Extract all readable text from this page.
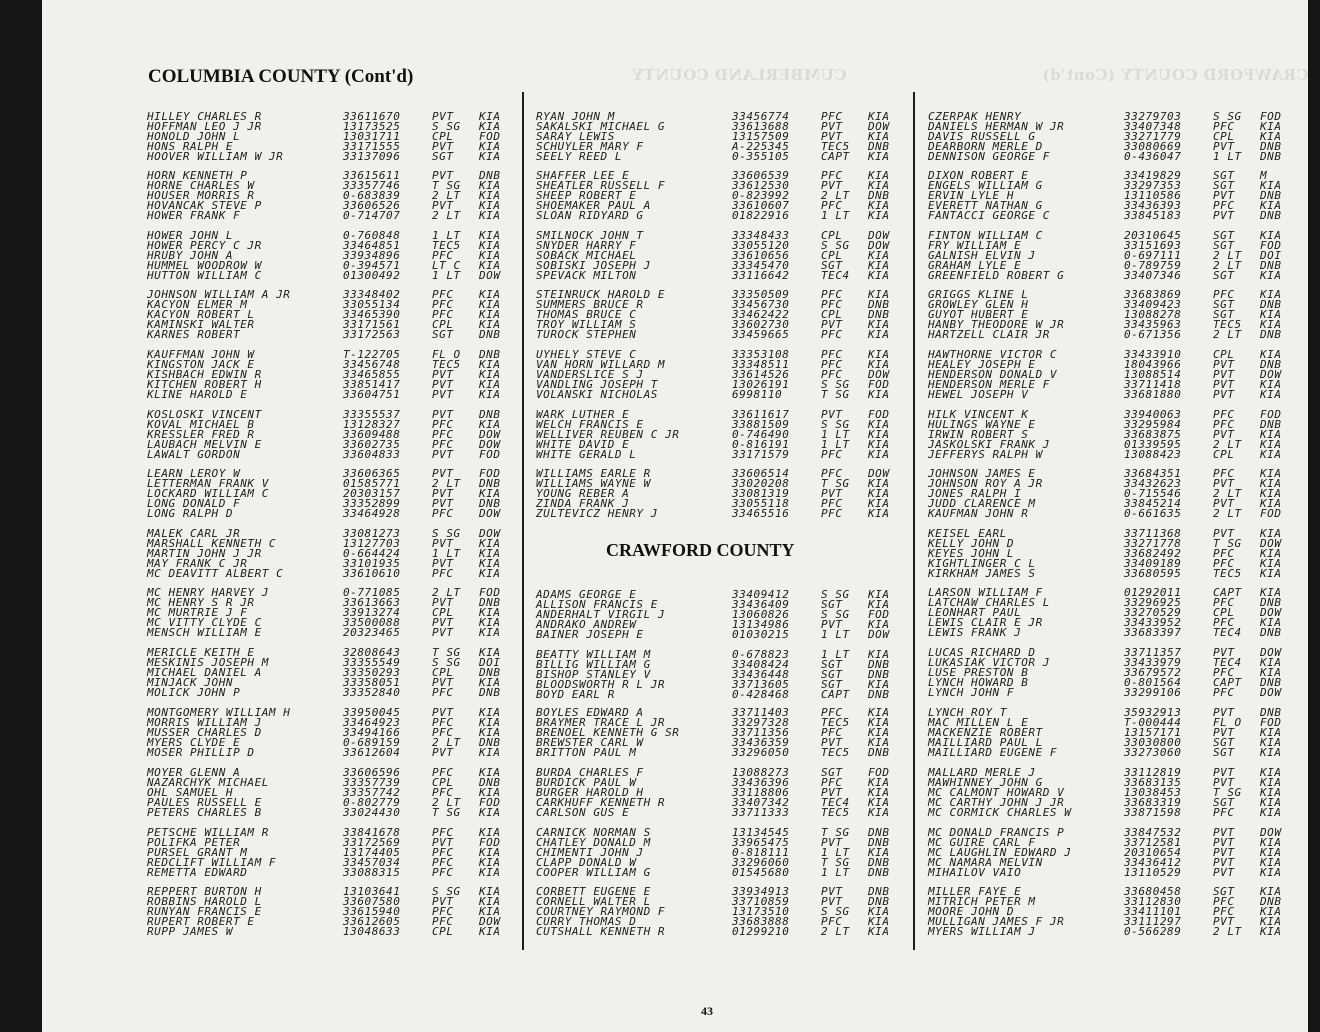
CRAWFORD COUNTY (Cont'd)
CUMBERLAND COUNTY
COLUMBIA COUNTY (Cont'd)
CRAWFORD COUNTY
HILLEY CHARLES R	33611670	PVT KIA
HOFFMAN LEO J JR	13173525	S SG KIA
HONOLD JOHN L	13031711	CPL FOD
HONS RALPH E	33171555	PVT KIA
HOOVER WILLIAM W JR	33137096	SGT KIA
HORN KENNETH P	33615611	PVT DNB
HORNE CHARLES W	33357746	T SG KIA
HOUSER MORRIS R	0-683839	2 LT KIA
HOVANCAK STEVE P	33606526	PVT KIA
HOWER FRANK F	0-714707	2 LT KIA
HOWER JOHN L	0-760848	1 LT KIA
HOWER PERCY C JR	33464851	TEC5 KIA
HRUBY JOHN A	33934896	PFC KIA
HUMMEL WOODROW W	0-394571	LT C KIA
HUTTON WILLIAM C	01300492	1 LT DOW
JOHNSON WILLIAM A JR	33348402	PFC KIA
KACYON ELMER M	33055134	PFC KIA
KACYON ROBERT L	33465390	PFC KIA
KAMINSKI WALTER	33171561	CPL KIA
KARNES ROBERT	33172563	SGT DNB
KAUFFMAN JOHN W	T-122705	FL O DNB
KINGSTON JACK E	33456748	TEC5 KIA
KISHBACH EDWIN R	33465855	PVT KIA
KITCHEN ROBERT H	33851417	PVT KIA
KLINE HAROLD E	33604751	PVT KIA
KOSLOSKI VINCENT	33355537	PVT DNB
KOVAL MICHAEL B	13128327	PFC KIA
KRESSLER FRED R	33609488	PFC DOW
LAUBACH MELVIN E	33602735	PFC DOW
LAWALT GORDON	33604833	PVT FOD
LEARN LEROY W	33606365	PVT FOD
LETTERMAN FRANK V	01585771	2 LT DNB
LOCKARD WILLIAM C	20303157	PVT KIA
LONG DONALD F	33352899	PVT DNB
LONG RALPH D	33464928	PFC DOW
MALEK CARL JR	33081273	S SG DOW
MARSHALL KENNETH C	13127703	PVT KIA
MARTIN JOHN J JR	0-664424	1 LT KIA
MAY FRANK C JR	33101935	PVT KIA
MC DEAVITT ALBERT C	33610610	PFC KIA
MC HENRY HARVEY J	0-771085	2 LT FOD
MC HENRY S R JR	33613663	PVT DNB
MC MURTRIE J F	33913274	CPL KIA
MC VITTY CLYDE C	33500088	PVT KIA
MENSCH WILLIAM E	20323465	PVT KIA
MERICLE KEITH E	32808643	T SG KIA
MESKINIS JOSEPH M	33355549	S SG DOI
MICHAEL DANIEL A	33350293	CPL DNB
MINJACK JOHN	33358051	PVT KIA
MOLICK JOHN P	33352840	PFC DNB
MONTGOMERY WILLIAM H	33950045	PVT KIA
MORRIS WILLIAM J	33464923	PFC KIA
MUSSER CHARLES D	33494166	PFC KIA
MYERS CLYDE E	0-689159	2 LT DNB
MOSER PHILLIP D	33612604	PVT KIA
MOYER GLENN A	33606596	PFC KIA
NAZARCHYK MICHAEL	33357739	CPL DNB
OHL SAMUEL H	33357742	PFC KIA
PAULES RUSSELL E	0-802779	2 LT FOD
PETERS CHARLES B	33024430	T SG KIA
PETSCHE WILLIAM R	33841678	PFC KIA
POLIFKA PETER	33172569	PVT FOD
PURSEL GRANT M	13174405	PFC KIA
REDCLIFT WILLIAM F	33457034	PFC KIA
REMETTA EDWARD	33088315	PFC KIA
REPPERT BURTON H	13103641	S SG KIA
ROBBINS HAROLD L	33607580	PVT KIA
RUNYAN FRANCIS E	33615940	PFC KIA
RUPERT ROBERT E	33612605	PFC DOW
RUPP JAMES W	13048633	CPL KIA
RYAN JOHN M	33456774	PFC KIA
SAKALSKI MICHAEL G	33613688	PVT DOW
SARAY LEWIS	13157509	PVT KIA
SCHUYLER MARY F	A-225345	TEC5 DNB
SEELY REED L	0-355105	CAPT KIA
SHAFFER LEE E	33606539	PFC KIA
SHEATLER RUSSELL F	33612530	PVT KIA
SHEEP ROBERT E	0-823992	2 LT DNB
SHOEMAKER PAUL A	33610607	PFC KIA
SLOAN RIDYARD G	01822916	1 LT KIA
SMILNOCK JOHN T	33348433	CPL DOW
SNYDER HARRY F	33055120	S SG DOW
SOBACK MICHAEL	33610656	CPL KIA
SOBISKI JOSEPH J	33345470	SGT KIA
SPEVACK MILTON	33116642	TEC4 KIA
STEINRUCK HAROLD E	33350509	PFC KIA
SUMMERS BRUCE R	33456730	PFC DNB
THOMAS BRUCE C	33462422	CPL DNB
TROY WILLIAM S	33602730	PVT KIA
TUROCK STEPHEN	33459665	PFC KIA
UYHELY STEVE C	33353108	PFC KIA
VAN HORN WILLARD M	33348511	PFC KIA
VANDERSLICE S J	33614526	PFC DOW
VANDLING JOSEPH T	13026191	S SG FOD
VOLANSKI NICHOLAS	6998110	T SG KIA
WARK LUTHER E	33611617	PVT FOD
WELCH FRANCIS E	33881509	S SG KIA
WELLIVER REUBEN C JR	0-746490	1 LT KIA
WHITE DAVID E	0-816191	1 LT KIA
WHITE GERALD L	33171579	PFC KIA
WILLIAMS EARLE R	33606514	PFC DOW
WILLIAMS WAYNE W	33020208	T SG KIA
YOUNG REBER A	33081319	PVT KIA
ZINDA FRANK J	33055118	PFC KIA
ZULTEVICZ HENRY J	33465516	PFC KIA
ADAMS GEORGE E	33409412	S SG KIA
ALLISON FRANCIS E	33436409	SGT KIA
ANDERHALT VIRGIL J	13060826	S SG FOD
ANDRAKO ANDREW	13134986	PVT KIA
BAINER JOSEPH E	01030215	1 LT DOW
BEATTY WILLIAM M	0-678823	1 LT KIA
BILLIG WILLIAM G	33408424	SGT DNB
BISHOP STANLEY V	33436448	SGT DNB
BLOODSWORTH R L JR	33713605	SGT KIA
BOYD EARL R	0-428468	CAPT DNB
BOYLES EDWARD A	33711403	PFC KIA
BRAYMER TRACE L JR	33297328	TEC5 KIA
BRENOEL KENNETH G SR	33711356	PFC KIA
BREWSTER CARL W	33436359	PVT KIA
BRITTON PAUL M	33296050	TEC5 DNB
BURDA CHARLES F	13088273	SGT FOD
BURDICK PAUL W	33436396	PFC KIA
BURGER HAROLD H	33118806	PVT KIA
CARKHUFF KENNETH R	33407342	TEC4 KIA
CARLSON GUS E	33711333	TEC5 KIA
CARNICK NORMAN S	13134545	T SG DNB
CHATLEY DONALD M	33965475	PVT DNB
CHIMENTI JOHN J	0-818111	1 LT KIA
CLAPP DONALD W	33296060	T SG DNB
COOPER WILLIAM G	01545680	1 LT DNB
CORBETT EUGENE E	33934913	PVT DNB
CORNELL WALTER L	33710859	PVT DNB
COURTNEY RAYMOND F	13173510	S SG KIA
CURRY THOMAS D	33683888	PFC KIA
CUTSHALL KENNETH R	01299210	2 LT KIA
CZERPAK HENRY	33279703	S SG FOD
DANIELS HERMAN W JR	33407348	PFC KIA
DAVIS RUSSELL G	33271779	CPL KIA
DEARBORN MERLE D	33080669	PVT DNB
DENNISON GEORGE F	0-436047	1 LT DNB
DIXON ROBERT E	33419829	SGT M
ENGELS WILLIAM G	33297353	SGT KIA
ERVIN LYLE H	13110586	PVT DNB
EVERETT NATHAN G	33436393	PFC KIA
FANTACCI GEORGE C	33845183	PVT DNB
FINTON WILLIAM C	20310645	SGT KIA
FRY WILLIAM E	33151693	SGT FOD
GALNISH ELVIN J	0-697111	2 LT DOI
GRAHAM LYLE E	0-789759	2 LT DNB
GREENFIELD ROBERT G	33407346	SGT KIA
GRIGGS KLINE L	33683869	PFC KIA
GROWLEY GLEN H	33409423	SGT DNB
GUYOT HUBERT E	13088278	SGT KIA
HANBY THEODORE W JR	33435963	TEC5 KIA
HARTZELL CLAIR JR	0-671356	2 LT DNB
HAWTHORNE VICTOR C	33433910	CPL KIA
HEALEY JOSEPH E	18043966	PVT DNB
HENDERSON DONALD V	13088514	PVT DOW
HENDERSON MERLE F	33711418	PVT KIA
HEWEL JOSEPH V	33681880	PVT KIA
HILK VINCENT K	33940063	PFC FOD
HULINGS WAYNE E	33295984	PFC DNB
IRWIN ROBERT S	33683875	PVT KIA
JASKOLSKI FRANK J	01339595	2 LT KIA
JEFFERYS RALPH W	13088423	CPL KIA
JOHNSON JAMES E	33684351	PFC KIA
JOHNSON ROY A JR	33432623	PVT KIA
JONES RALPH I	0-715546	2 LT KIA
JUDD CLARENCE M	33845214	PVT KIA
KAUFMAN JOHN R	0-661635	2 LT FOD
KEISEL EARL	33711368	PVT KIA
KELLY JOHN D	33271778	T SG DOW
KEYES JOHN L	33682492	PFC KIA
KIGHTLINGER C L	33409189	PFC KIA
KIRKHAM JAMES S	33680595	TEC5 KIA
LARSON WILLIAM F	01292011	CAPT KIA
LATCHAW CHARLES L	33296925	PFC DNB
LEONHART PAUL	33270529	CPL DOW
LEWIS CLAIR E JR	33433952	PFC KIA
LEWIS FRANK J	33683397	TEC4 DNB
LUCAS RICHARD D	33711357	PVT DOW
LUKASIAK VICTOR J	33433979	TEC4 KIA
LUSE PRESTON B	33679572	PFC KIA
LYNCH HOWARD B	0-801564	CAPT DNB
LYNCH JOHN F	33299106	PFC DOW
LYNCH ROY T	35932913	PVT DNB
MAC MILLEN L E	T-000444	FL O FOD
MACKENZIE ROBERT	13157171	PVT KIA
MAILLIARD PAUL L	33030800	SGT KIA
MAILLIARD EUGENE F	33273060	SGT KIA
MALLARD MERLE J	33112819	PVT KIA
MAWHINNEY JOHN G	33683135	PVT KIA
MC CALMONT HOWARD V	13038453	T SG KIA
MC CARTHY JOHN J JR	33683319	SGT KIA
MC CORMICK CHARLES W	33871598	PFC KIA
MC DONALD FRANCIS P	33847532	PVT DOW
MC GUIRE CARL F	33712581	PVT KIA
MC LAUGHLIN EDWARD J	20310654	PVT KIA
MC NAMARA MELVIN	33436412	PVT KIA
MIHAILOV VAIO	13110529	PVT KIA
MILLER FAYE E	33680458	SGT KIA
MITRICH PETER M	33112830	PFC DNB
MOORE JOHN D	33411101	PFC KIA
MULLIGAN JAMES F JR	33111297	PVT KIA
MYERS WILLIAM J	0-566289	2 LT KIA
43
